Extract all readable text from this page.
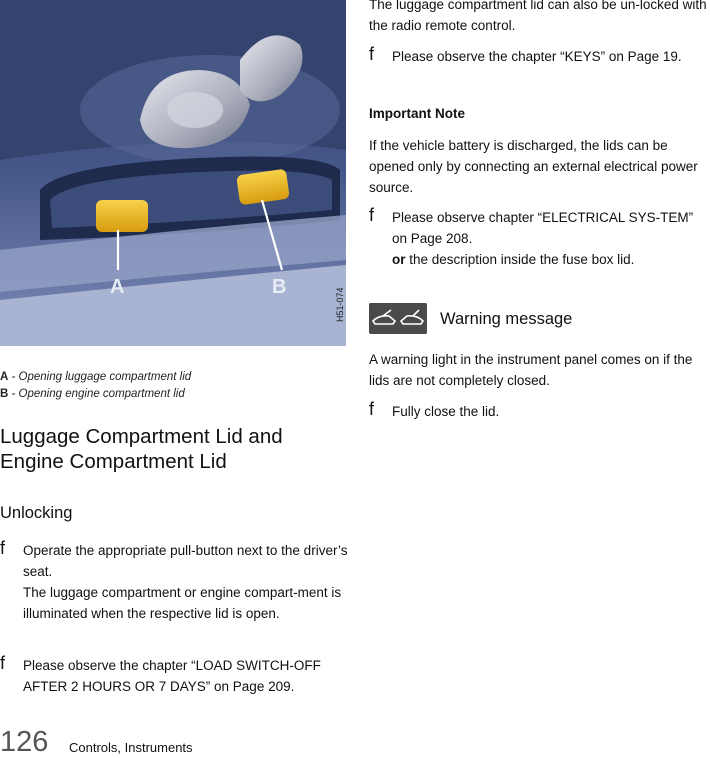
A	B
H51-074
A - Opening luggage compartment lid
B - Opening engine compartment lid
Luggage Compartment Lid and Engine Compartment Lid
Unlocking
f Operate the appropriate pull-button next to the driver’s seat.
The luggage compartment or engine compart-ment is illuminated when the respective lid is open.
f Please observe the chapter “LOAD SWITCH-OFF AFTER 2 HOURS OR 7 DAYS” on Page 209.
126 Controls, Instruments
The luggage compartment lid can also be un-locked with the radio remote control.
f Please observe the chapter “KEYS” on Page 19.
Important Note
If the vehicle battery is discharged, the lids can be opened only by connecting an external electrical power source.
f Please observe chapter “ELECTRICAL SYS-TEM” on Page 208.
or the description inside the fuse box lid.
Warning message
A warning light in the instrument panel comes on if the lids are not completely closed.
f Fully close the lid.
